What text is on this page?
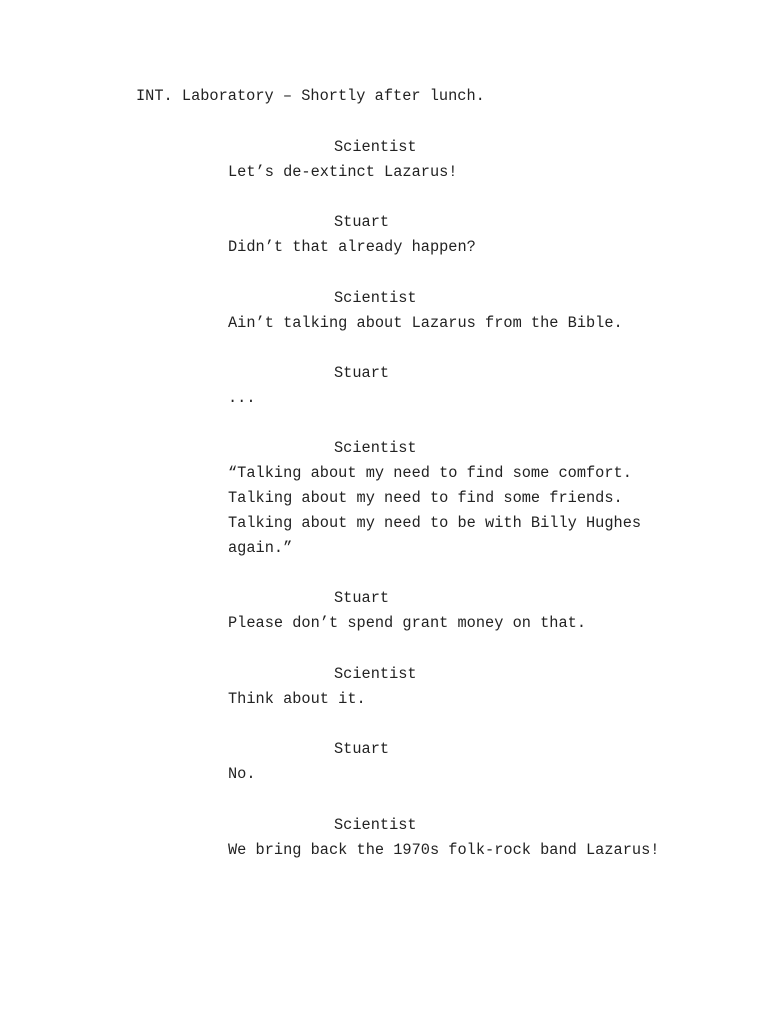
INT. Laboratory – Shortly after lunch.
Scientist
Let’s de-extinct Lazarus!
Stuart
Didn’t that already happen?
Scientist
Ain’t talking about Lazarus from the Bible.
Stuart
...
Scientist
“Talking about my need to find some comfort.
Talking about my need to find some friends.
Talking about my need to be with Billy Hughes
again.”
Stuart
Please don’t spend grant money on that.
Scientist
Think about it.
Stuart
No.
Scientist
We bring back the 1970s folk-rock band Lazarus!
